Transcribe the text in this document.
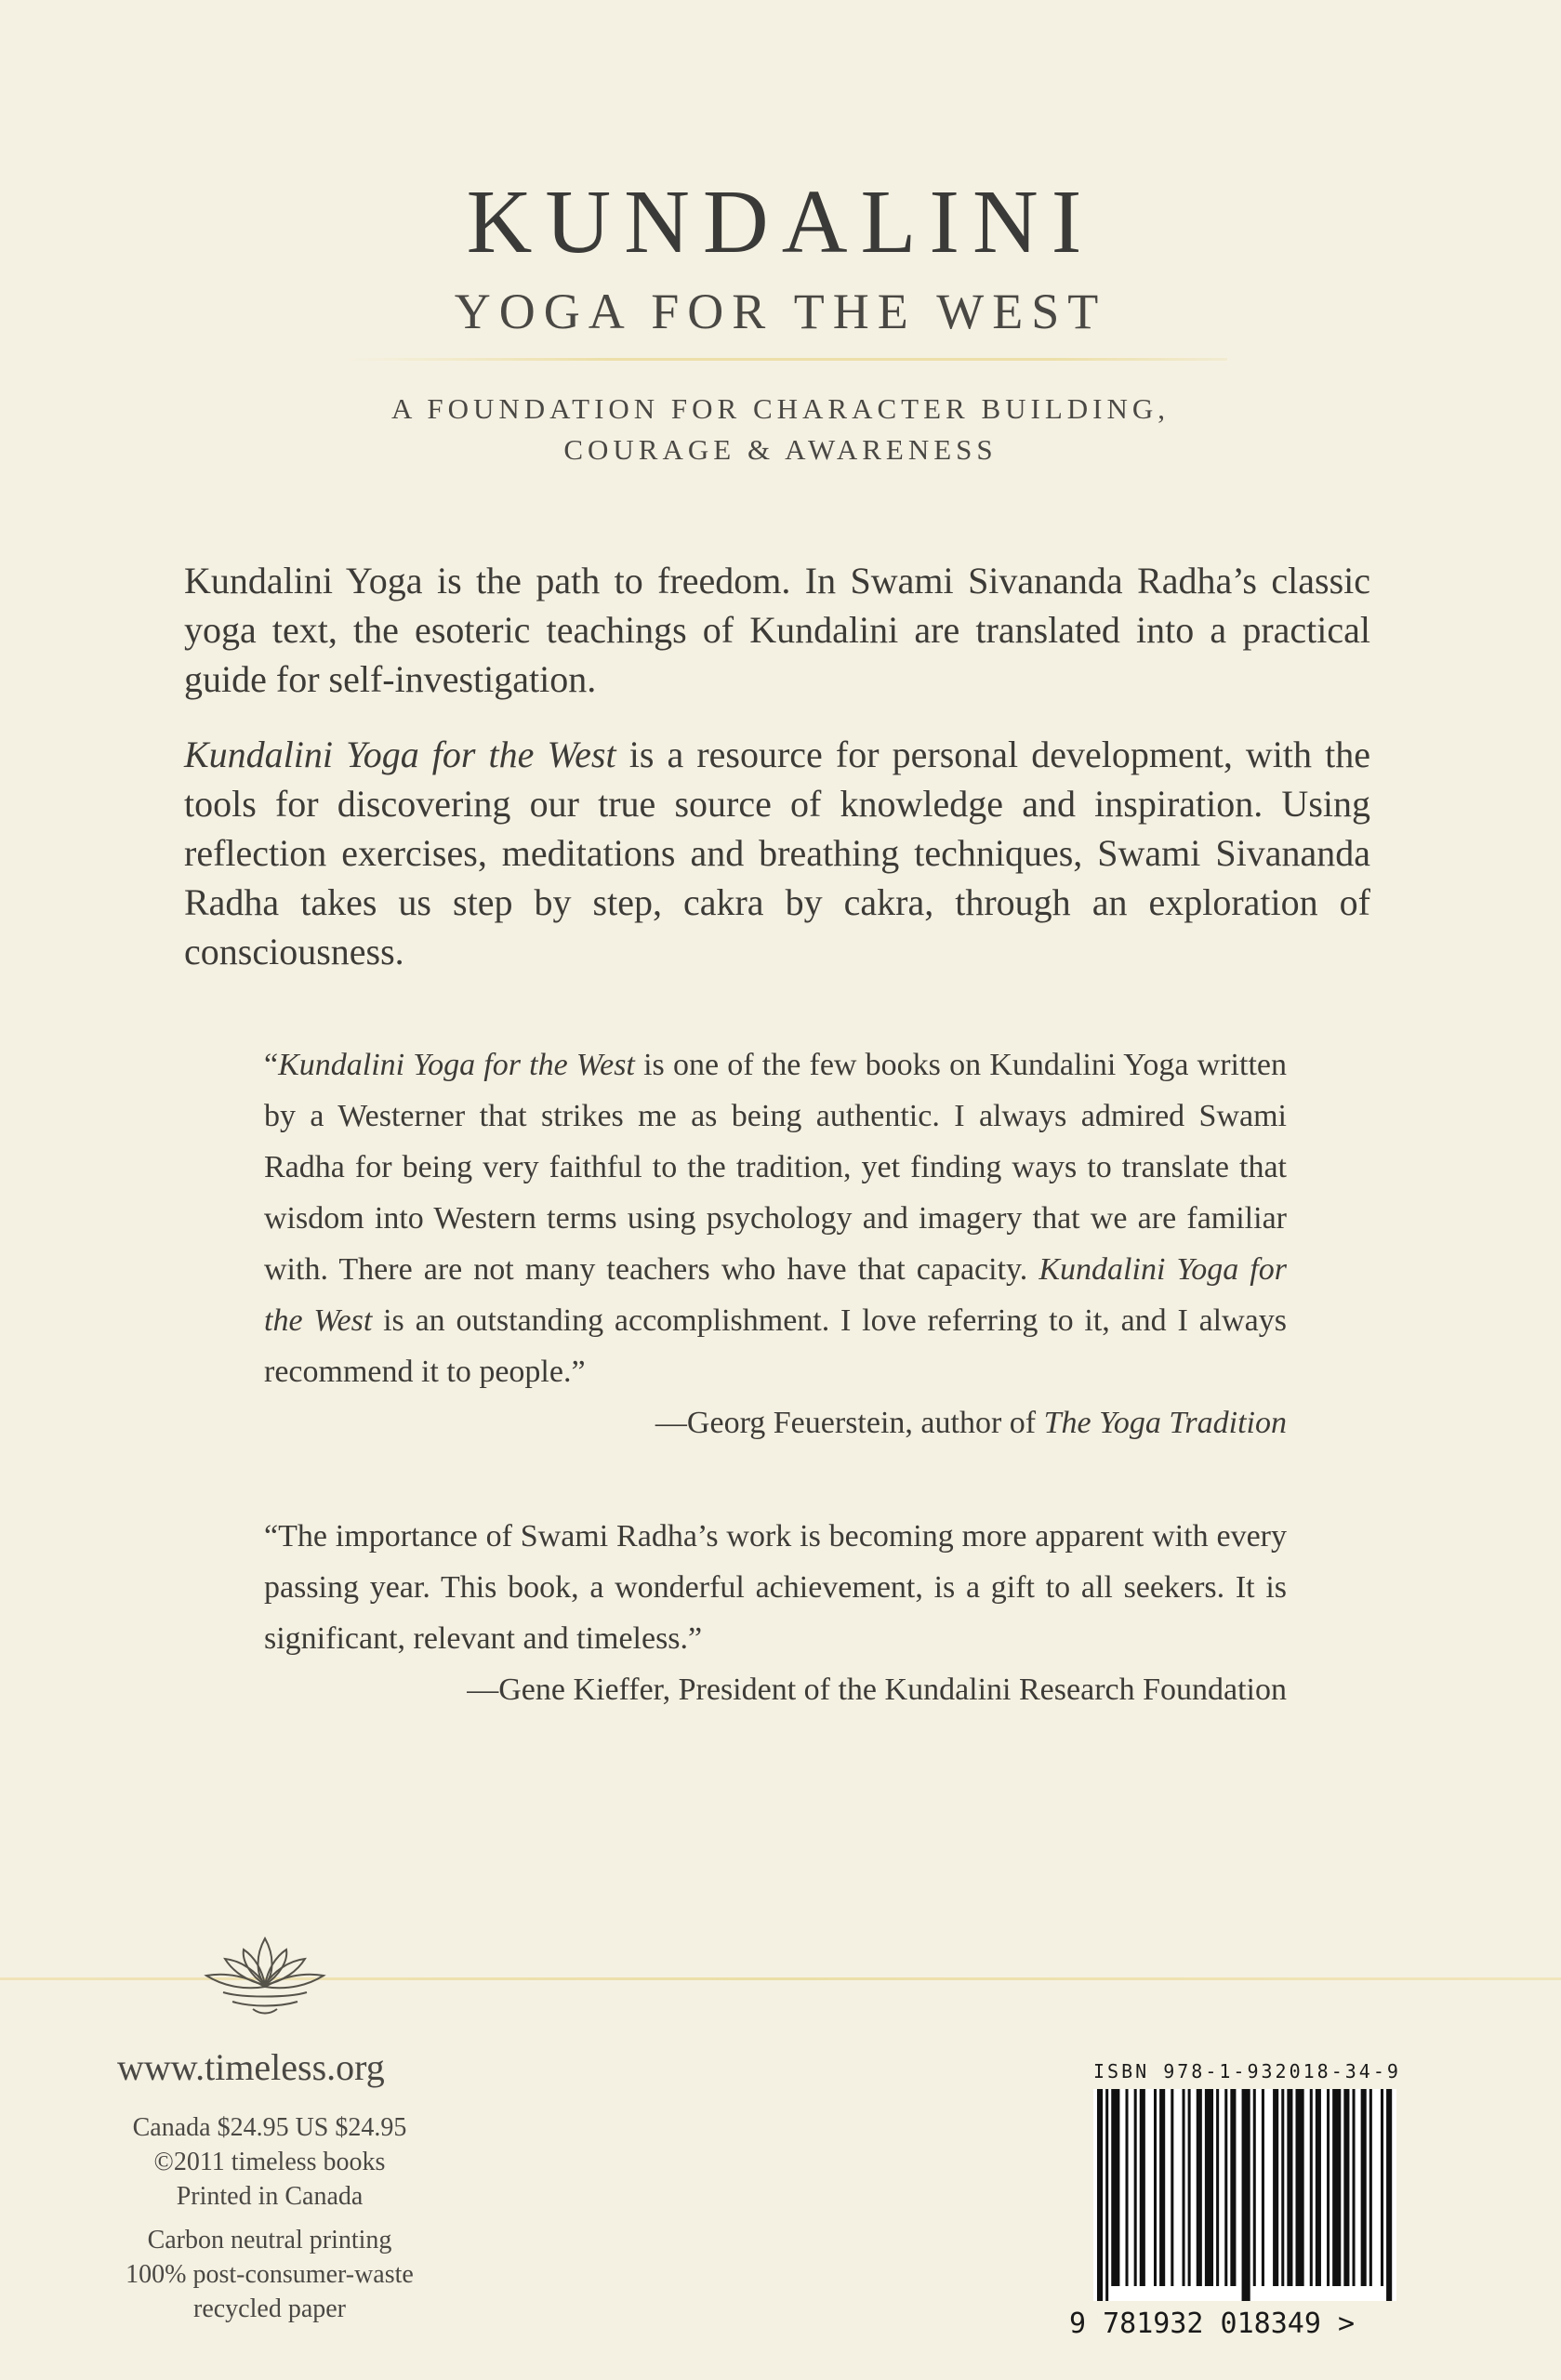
KUNDALINI
YOGA FOR THE WEST
A FOUNDATION FOR CHARACTER BUILDING,
COURAGE & AWARENESS

Kundalini Yoga is the path to freedom. In Swami Sivananda Radha’s classic yoga text, the esoteric teachings of Kundalini are translated into a practical guide for self-investigation.

Kundalini Yoga for the West is a resource for personal development, with the tools for discovering our true source of knowledge and inspiration. Using reflection exercises, meditations and breathing techniques, Swami Sivananda Radha takes us step by step, cakra by cakra, through an exploration of consciousness.

“Kundalini Yoga for the West is one of the few books on Kundalini Yoga written by a Westerner that strikes me as being authentic. I always admired Swami Radha for being very faithful to the tradition, yet finding ways to translate that wisdom into Western terms using psychology and imagery that we are familiar with. There are not many teachers who have that capacity. Kundalini Yoga for the West is an outstanding accomplishment. I love referring to it, and I always recommend it to people.”

—Georg Feuerstein, author of The Yoga Tradition

“The importance of Swami Radha’s work is becoming more apparent with every passing year. This book, a wonderful achievement, is a gift to all seekers. It is significant, relevant and timeless.”

—Gene Kieffer, President of the Kundalini Research Foundation

www.timeless.org
Canada $24.95 US $24.95
©2011 timeless books
Printed in Canada
Carbon neutral printing
100% post-consumer-waste
recycled paper
ISBN 978-1-932018-34-9
9 781932 018349 >
